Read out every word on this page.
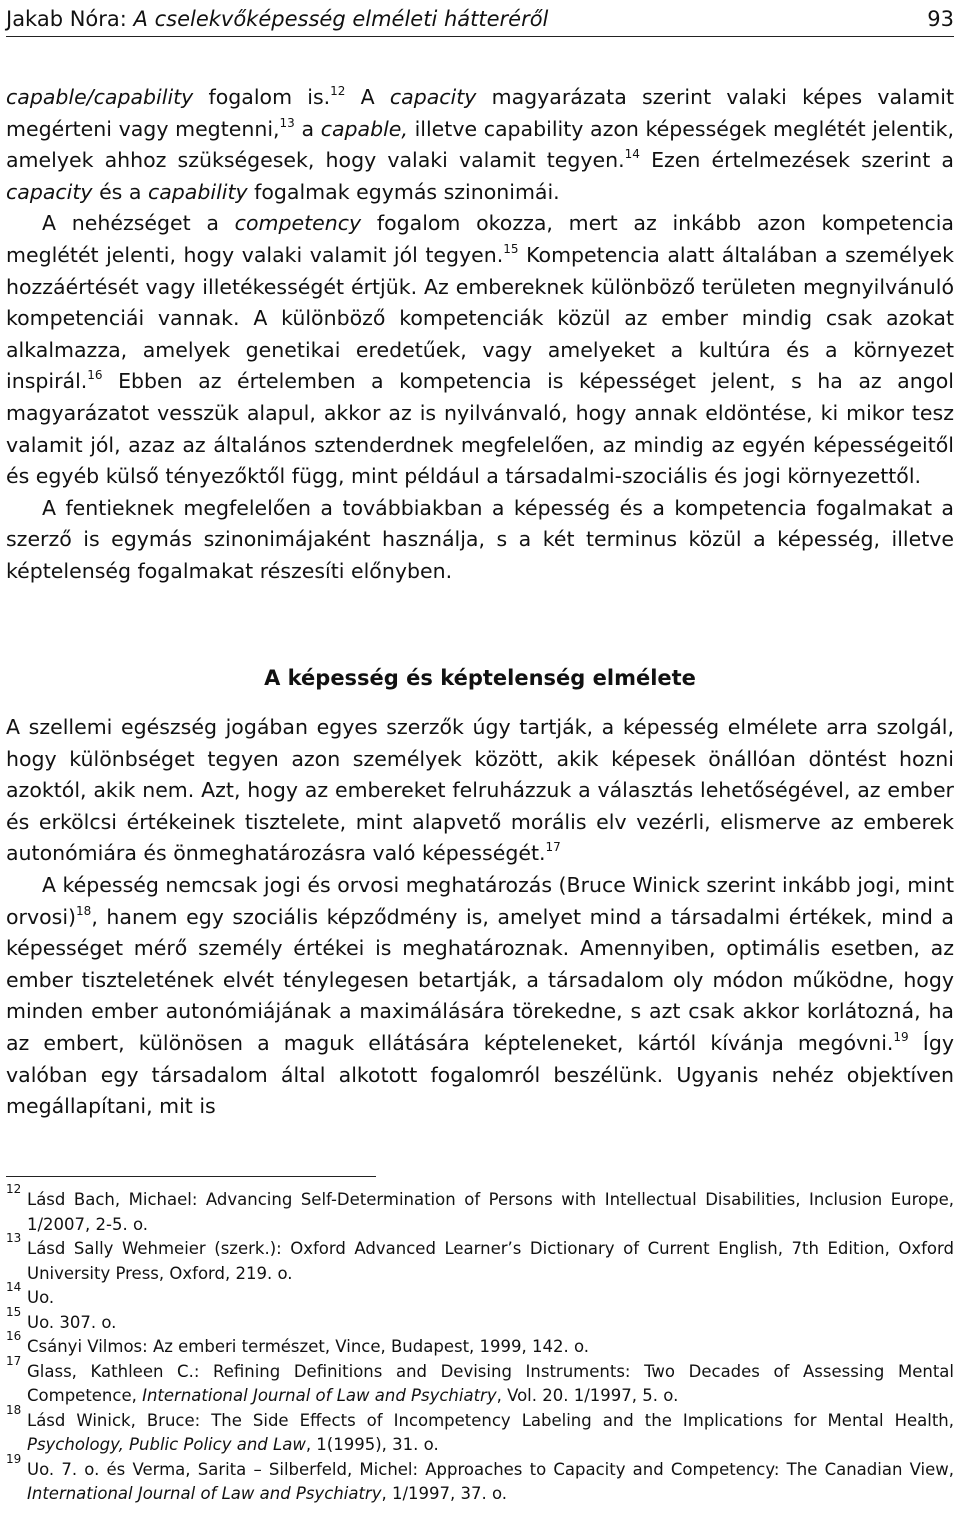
Jakab Nóra: A cselekvőképesség elméleti hátteréről	93

capable/capability fogalom is.$^{12}$ A capacity magyarázata szerint valaki képes valamit megérteni vagy megtenni,$^{13}$ a capable, illetve capability azon képességek meglétét jelentik, amelyek ahhoz szükségesek, hogy valaki valamit tegyen.$^{14}$ Ezen értelmezések szerint a capacity és a capability fogalmak egymás szinonimái.

A nehézséget a competency fogalom okozza, mert az inkább azon kompetencia meglétét jelenti, hogy valaki valamit jól tegyen.$^{15}$ Kompetencia alatt általában a személyek hozzáértését vagy illetékességét értjük. Az embereknek különböző területen megnyilvánuló kompetenciái vannak. A különböző kompetenciák közül az ember mindig csak azokat alkalmazza, amelyek genetikai eredetűek, vagy amelyeket a kultúra és a környezet inspirál.$^{16}$ Ebben az értelemben a kompetencia is képességet jelent, s ha az angol magyarázatot vesszük alapul, akkor az is nyilvánvaló, hogy annak eldöntése, ki mikor tesz valamit jól, azaz az általános sztenderdnek megfelelően, az mindig az egyén képességeitől és egyéb külső tényezőktől függ, mint például a társadalmi-szociális és jogi környezettől.

A fentieknek megfelelően a továbbiakban a képesség és a kompetencia fogalmakat a szerző is egymás szinonimájaként használja, s a két terminus közül a képesség, illetve képtelenség fogalmakat részesíti előnyben.

A képesség és képtelenség elmélete

A szellemi egészség jogában egyes szerzők úgy tartják, a képesség elmélete arra szolgál, hogy különbséget tegyen azon személyek között, akik képesek önállóan döntést hozni azoktól, akik nem. Azt, hogy az embereket felruházzuk a választás lehetőségével, az ember és erkölcsi értékeinek tisztelete, mint alapvető morális elv vezérli, elismerve az emberek autonómiára és önmeghatározásra való képességét.$^{17}$

A képesség nemcsak jogi és orvosi meghatározás (Bruce Winick szerint inkább jogi, mint orvosi)$^{18}$, hanem egy szociális képződmény is, amelyet mind a társadalmi értékek, mind a képességet mérő személy értékei is meghatároznak. Amennyiben, optimális esetben, az ember tiszteletének elvét ténylegesen betartják, a társadalom oly módon működne, hogy minden ember autonómiájának a maximálására törekedne, s azt csak akkor korlátozná, ha az embert, különösen a maguk ellátására képteleneket, kártól kívánja megóvni.$^{19}$ Így valóban egy társadalom által alkotott fogalomról beszélünk. Ugyanis nehéz objektíven megállapítani, mit is

12
Lásd Bach, Michael: Advancing Self-Determination of Persons with Intellectual Disabilities, Inclusion Europe, 1/2007, 2-5. o.

13
Lásd Sally Wehmeier (szerk.): Oxford Advanced Learner’s Dictionary of Current English, 7th Edition, Oxford University Press, Oxford, 219. o.

14
Uo.

15
Uo. 307. o.

16
Csányi Vilmos: Az emberi természet, Vince, Budapest, 1999, 142. o.

17
Glass, Kathleen C.: Refining Definitions and Devising Instruments: Two Decades of Assessing Mental Competence, International Journal of Law and Psychiatry, Vol. 20. 1/1997, 5. o.

18
Lásd Winick, Bruce: The Side Effects of Incompetency Labeling and the Implications for Mental Health, Psychology, Public Policy and Law, 1(1995), 31. o.

19
Uo. 7. o. és Verma, Sarita – Silberfeld, Michel: Approaches to Capacity and Competency: The Canadian View, International Journal of Law and Psychiatry, 1/1997, 37. o.
